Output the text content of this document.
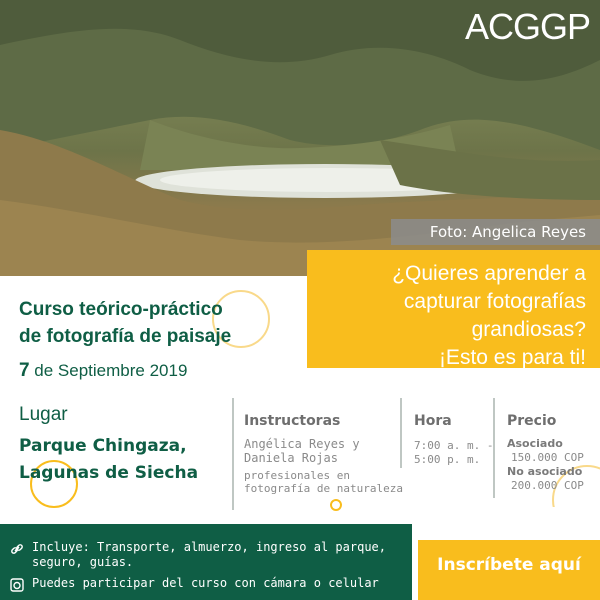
ACGGP
Foto: Angelica Reyes
¿Quieres aprender a
capturar fotografías
grandiosas?
¡Esto es para ti!
Curso teórico-práctico
de fotografía de paisaje
7 de Septiembre 2019
Lugar
Parque Chingaza,
Lagunas de Siecha
Instructoras
Angélica Reyes y
Daniela Rojas
profesionales en
fotografía de naturaleza
Hora
7:00 a. m. -
5:00 p. m.
Precio
Asociado
150.000 COP
No asociado
200.000 COP
Incluye: Transporte, almuerzo, ingreso al parque,
seguro, guías.
Puedes participar del curso con cámara o celular
Inscríbete aquí
